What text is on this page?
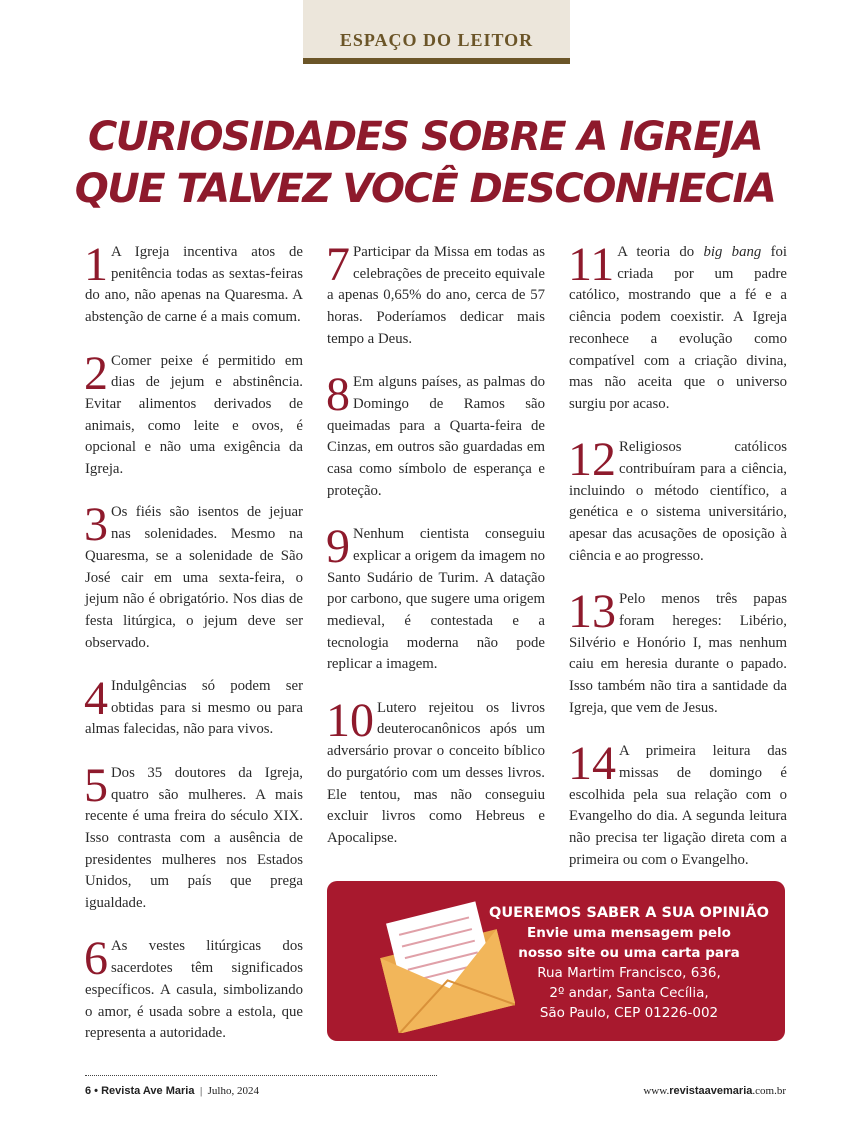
ESPAÇO DO LEITOR
CURIOSIDADES SOBRE A IGREJA
QUE TALVEZ VOCÊ DESCONHECIA

1 A Igreja incentiva atos de penitência todas as sextas-feiras do ano, não apenas na Quaresma. A abstenção de carne é a mais comum.

2 Comer peixe é permitido em dias de jejum e abstinência. Evitar alimentos derivados de animais, como leite e ovos, é opcional e não uma exigência da Igreja.

3 Os fiéis são isentos de jejuar nas solenidades. Mesmo na Quaresma, se a solenidade de São José cair em uma sexta-feira, o jejum não é obrigatório. Nos dias de festa litúrgica, o jejum deve ser observado.

4 Indulgências só podem ser obtidas para si mesmo ou para almas falecidas, não para vivos.

5 Dos 35 doutores da Igreja, quatro são mulheres. A mais recente é uma freira do século XIX. Isso contrasta com a ausência de presidentes mulheres nos Estados Unidos, um país que prega igualdade.

6 As vestes litúrgicas dos sacerdotes têm significados específicos. A casula, simbolizando o amor, é usada sobre a estola, que representa a autoridade.

7 Participar da Missa em todas as celebrações de preceito equivale a apenas 0,65% do ano, cerca de 57 horas. Poderíamos dedicar mais tempo a Deus.

8 Em alguns países, as palmas do Domingo de Ramos são queimadas para a Quarta-feira de Cinzas, em outros são guardadas em casa como símbolo de esperança e proteção.

9 Nenhum cientista conseguiu explicar a origem da imagem no Santo Sudário de Turim. A datação por carbono, que sugere uma origem medieval, é contestada e a tecnologia moderna não pode replicar a imagem.

10 Lutero rejeitou os livros deuterocanônicos após um adversário provar o conceito bíblico do purgatório com um desses livros. Ele tentou, mas não conseguiu excluir livros como Hebreus e Apocalipse.

11 A teoria do big bang foi criada por um padre católico, mostrando que a fé e a ciência podem coexistir. A Igreja reconhece a evolução como compatível com a criação divina, mas não aceita que o universo surgiu por acaso.

12 Religiosos católicos contribuíram para a ciência, incluindo o método científico, a genética e o sistema universitário, apesar das acusações de oposição à ciência e ao progresso.

13 Pelo menos três papas foram hereges: Libério, Silvério e Honório I, mas nenhum caiu em heresia durante o papado. Isso também não tira a santidade da Igreja, que vem de Jesus.

14 A primeira leitura das missas de domingo é escolhida pela sua relação com o Evangelho do dia. A segunda leitura não precisa ter ligação direta com a primeira ou com o Evangelho.

QUEREMOS SABER A SUA OPINIÃO
Envie uma mensagem pelo
nosso site ou uma carta para
Rua Martim Francisco, 636,
2º andar, Santa Cecília,
São Paulo, CEP 01226-002
6 • Revista Ave Maria  |  Julho, 2024	www.revistaavemaria.com.br
